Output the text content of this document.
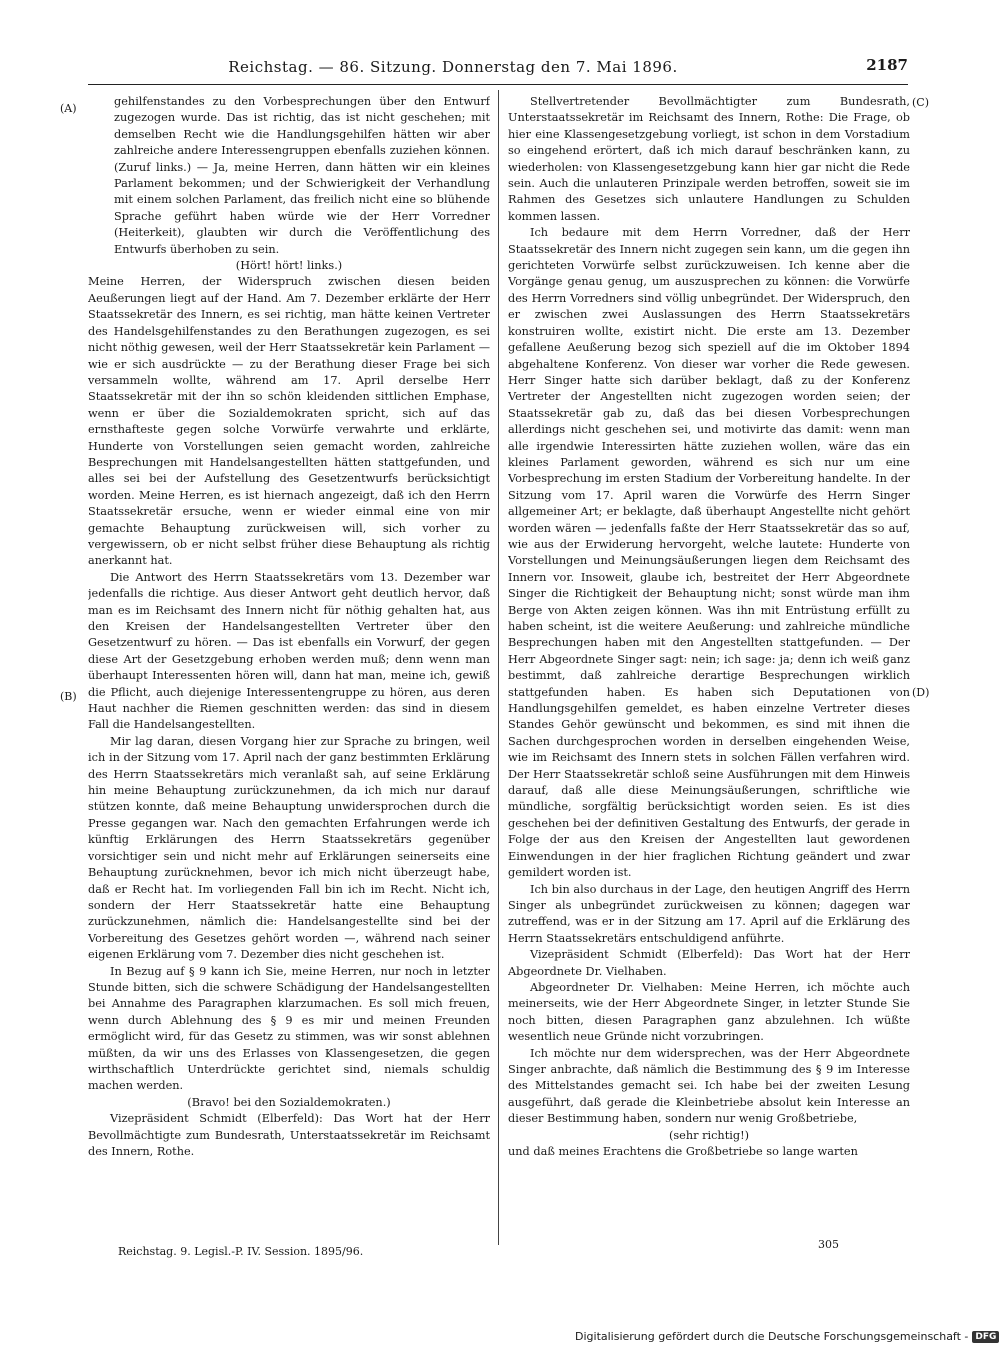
Reichstag. — 86. Sitzung. Donnerstag den 7. Mai 1896.	2187
(A)
(B)
(C)
(D)

gehilfenstandes zu den Vorbesprechungen über den Entwurf zugezogen wurde. Das ist richtig, das ist nicht geschehen; mit demselben Recht wie die Handlungsgehilfen hätten wir aber zahlreiche andere Interessengruppen ebenfalls zuziehen können. (Zuruf links.) — Ja, meine Herren, dann hätten wir ein kleines Parlament bekommen; und der Schwierigkeit der Verhandlung mit einem solchen Parlament, das freilich nicht eine so blühende Sprache geführt haben würde wie der Herr Vorredner (Heiterkeit), glaubten wir durch die Veröffentlichung des Entwurfs überhoben zu sein.

(Hört! hört! links.)

Meine Herren, der Widerspruch zwischen diesen beiden Aeußerungen liegt auf der Hand. Am 7. Dezember erklärte der Herr Staatssekretär des Innern, es sei richtig, man hätte keinen Vertreter des Handelsgehilfenstandes zu den Berathungen zugezogen, es sei nicht nöthig gewesen, weil der Herr Staatssekretär kein Parlament — wie er sich ausdrückte — zu der Berathung dieser Frage bei sich versammeln wollte, während am 17. April derselbe Herr Staatssekretär mit der ihn so schön kleidenden sittlichen Emphase, wenn er über die Sozialdemokraten spricht, sich auf das ernsthafteste gegen solche Vorwürfe verwahrte und erklärte, Hunderte von Vorstellungen seien gemacht worden, zahlreiche Besprechungen mit Handelsangestellten hätten stattgefunden, und alles sei bei der Aufstellung des Gesetzentwurfs berücksichtigt worden. Meine Herren, es ist hiernach angezeigt, daß ich den Herrn Staatssekretär ersuche, wenn er wieder einmal eine von mir gemachte Behauptung zurückweisen will, sich vorher zu vergewissern, ob er nicht selbst früher diese Behauptung als richtig anerkannt hat.

Die Antwort des Herrn Staatssekretärs vom 13. Dezember war jedenfalls die richtige. Aus dieser Antwort geht deutlich hervor, daß man es im Reichsamt des Innern nicht für nöthig gehalten hat, aus den Kreisen der Handelsangestellten Vertreter über den Gesetzentwurf zu hören. — Das ist ebenfalls ein Vorwurf, der gegen diese Art der Gesetzgebung erhoben werden muß; denn wenn man überhaupt Interessenten hören will, dann hat man, meine ich, gewiß die Pflicht, auch diejenige Interessentengruppe zu hören, aus deren Haut nachher die Riemen geschnitten werden: das sind in diesem Fall die Handelsangestellten.

Mir lag daran, diesen Vorgang hier zur Sprache zu bringen, weil ich in der Sitzung vom 17. April nach der ganz bestimmten Erklärung des Herrn Staatssekretärs mich veranlaßt sah, auf seine Erklärung hin meine Behauptung zurückzunehmen, da ich mich nur darauf stützen konnte, daß meine Behauptung unwidersprochen durch die Presse gegangen war. Nach den gemachten Erfahrungen werde ich künftig Erklärungen des Herrn Staatssekretärs gegenüber vorsichtiger sein und nicht mehr auf Erklärungen seinerseits eine Behauptung zurücknehmen, bevor ich mich nicht überzeugt habe, daß er Recht hat. Im vorliegenden Fall bin ich im Recht. Nicht ich, sondern der Herr Staatssekretär hatte eine Behauptung zurückzunehmen, nämlich die: Handelsangestellte sind bei der Vorbereitung des Gesetzes gehört worden —, während nach seiner eigenen Erklärung vom 7. Dezember dies nicht geschehen ist.

In Bezug auf § 9 kann ich Sie, meine Herren, nur noch in letzter Stunde bitten, sich die schwere Schädigung der Handelsangestellten bei Annahme des Paragraphen klarzumachen. Es soll mich freuen, wenn durch Ablehnung des § 9 es mir und meinen Freunden ermöglicht wird, für das Gesetz zu stimmen, was wir sonst ablehnen müßten, da wir uns des Erlasses von Klassengesetzen, die gegen wirthschaftlich Unterdrückte gerichtet sind, niemals schuldig machen werden.

(Bravo! bei den Sozialdemokraten.)

Vizepräsident Schmidt (Elberfeld): Das Wort hat der Herr Bevollmächtigte zum Bundesrath, Unterstaatssekretär im Reichsamt des Innern, Rothe.

Stellvertretender Bevollmächtigter zum Bundesrath, Unterstaatssekretär im Reichsamt des Innern, Rothe: Die Frage, ob hier eine Klassengesetzgebung vorliegt, ist schon in dem Vorstadium so eingehend erörtert, daß ich mich darauf beschränken kann, zu wiederholen: von Klassengesetzgebung kann hier gar nicht die Rede sein. Auch die unlauteren Prinzipale werden betroffen, soweit sie im Rahmen des Gesetzes sich unlautere Handlungen zu Schulden kommen lassen.

Ich bedaure mit dem Herrn Vorredner, daß der Herr Staatssekretär des Innern nicht zugegen sein kann, um die gegen ihn gerichteten Vorwürfe selbst zurückzuweisen. Ich kenne aber die Vorgänge genau genug, um auszusprechen zu können: die Vorwürfe des Herrn Vorredners sind völlig unbegründet. Der Widerspruch, den er zwischen zwei Auslassungen des Herrn Staatssekretärs konstruiren wollte, existirt nicht. Die erste am 13. Dezember gefallene Aeußerung bezog sich speziell auf die im Oktober 1894 abgehaltene Konferenz. Von dieser war vorher die Rede gewesen. Herr Singer hatte sich darüber beklagt, daß zu der Konferenz Vertreter der Angestellten nicht zugezogen worden seien; der Staatssekretär gab zu, daß das bei diesen Vorbesprechungen allerdings nicht geschehen sei, und motivirte das damit: wenn man alle irgendwie Interessirten hätte zuziehen wollen, wäre das ein kleines Parlament geworden, während es sich nur um eine Vorbesprechung im ersten Stadium der Vorbereitung handelte. In der Sitzung vom 17. April waren die Vorwürfe des Herrn Singer allgemeiner Art; er beklagte, daß überhaupt Angestellte nicht gehört worden wären — jedenfalls faßte der Herr Staatssekretär das so auf, wie aus der Erwiderung hervorgeht, welche lautete: Hunderte von Vorstellungen und Meinungsäußerungen liegen dem Reichsamt des Innern vor. Insoweit, glaube ich, bestreitet der Herr Abgeordnete Singer die Richtigkeit der Behauptung nicht; sonst würde man ihm Berge von Akten zeigen können. Was ihn mit Entrüstung erfüllt zu haben scheint, ist die weitere Aeußerung: und zahlreiche mündliche Besprechungen haben mit den Angestellten stattgefunden. — Der Herr Abgeordnete Singer sagt: nein; ich sage: ja; denn ich weiß ganz bestimmt, daß zahlreiche derartige Besprechungen wirklich stattgefunden haben. Es haben sich Deputationen von Handlungsgehilfen gemeldet, es haben einzelne Vertreter dieses Standes Gehör gewünscht und bekommen, es sind mit ihnen die Sachen durchgesprochen worden in derselben eingehenden Weise, wie im Reichsamt des Innern stets in solchen Fällen verfahren wird. Der Herr Staatssekretär schloß seine Ausführungen mit dem Hinweis darauf, daß alle diese Meinungsäußerungen, schriftliche wie mündliche, sorgfältig berücksichtigt worden seien. Es ist dies geschehen bei der definitiven Gestaltung des Entwurfs, der gerade in Folge der aus den Kreisen der Angestellten laut gewordenen Einwendungen in der hier fraglichen Richtung geändert und zwar gemildert worden ist.

Ich bin also durchaus in der Lage, den heutigen Angriff des Herrn Singer als unbegründet zurückweisen zu können; dagegen war zutreffend, was er in der Sitzung am 17. April auf die Erklärung des Herrn Staatssekretärs entschuldigend anführte.

Vizepräsident Schmidt (Elberfeld): Das Wort hat der Herr Abgeordnete Dr. Vielhaben.

Abgeordneter Dr. Vielhaben: Meine Herren, ich möchte auch meinerseits, wie der Herr Abgeordnete Singer, in letzter Stunde Sie noch bitten, diesen Paragraphen ganz abzulehnen. Ich wüßte wesentlich neue Gründe nicht vorzubringen.

Ich möchte nur dem widersprechen, was der Herr Abgeordnete Singer anbrachte, daß nämlich die Bestimmung des § 9 im Interesse des Mittelstandes gemacht sei. Ich habe bei der zweiten Lesung ausgeführt, daß gerade die Kleinbetriebe absolut kein Interesse an dieser Bestimmung haben, sondern nur wenig Großbetriebe,

(sehr richtig!)

und daß meines Erachtens die Großbetriebe so lange warten

Reichstag. 9. Legisl.-P. IV. Session. 1895/96.
305
Digitalisierung gefördert durch die Deutsche Forschungsgemeinschaft - DFG
